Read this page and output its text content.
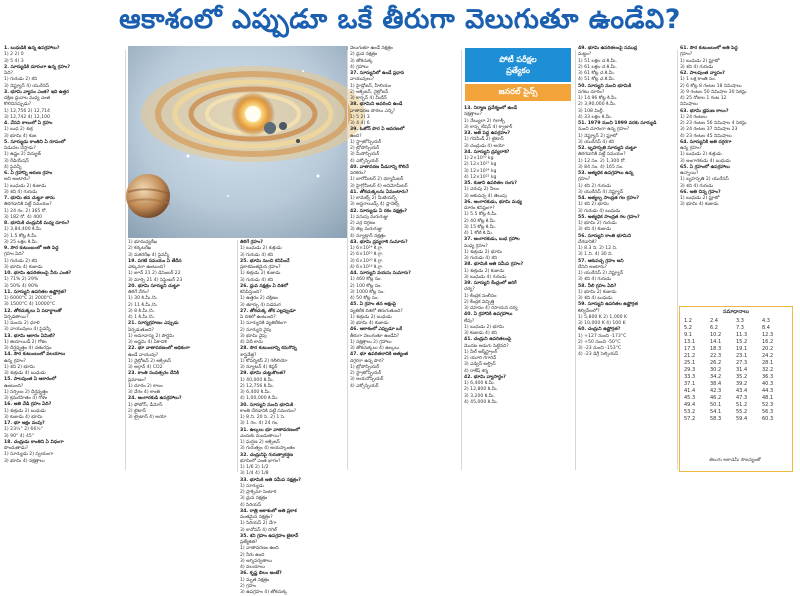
ఆకాశంలో ఎప్పుడూ ఒకే తీరుగా వెలుగుతూ ఉండేవి?
పోటీ పరీక్షల
ప్రత్యేకం
జనరల్ సైన్స్
1. బుధుడికి ఉన్న ఉపగ్రహాలు?
1) 2 2) 0
3) 5 4) 3
2. సూర్యుడికి దూరంగా ఉన్న గ్రహం?
ఏది?
1) గురుడు 2) శని
3) నెప్ట్యూన్ 4) యురేనస్
3. భూమి వ్యాసం ఎంత? ఇది ఉత్తర
దక్షిణ ధ్రువాల మధ్య ఎంత
కొలిచినప్పుడు?
1) 12,756 2) 12,714
3) 12,742 4) 12,100
4. వేసవి కాలంలో ఏ గ్రహం
1) బుధ 2) శుక్ర
3) భూమి 4) కుజ
5. సూర్యుడు కాంతిని ఏ రూపంలో
విడుదల చేస్తాడు?
1) ఉష్ణం 2) విద్యుత్
3) రేడియేషన్
4) పైవన్నీ
6. ఏ గ్రహాన్ని అరుణ గ్రహం
అని అంటారు?
1) బుధుడు 2) కుజుడు
3) శని 4) గురుడు
7. భూమి తన చుట్టూ తాను
తిరగడానికి పట్టే సమయం?
1) 24 గం. 2) 365 రో.
3) 182 రో. 4) 400
8. భూమికి చంద్రునికి మధ్య దూరం?
1) 3,84,400 కి.మీ.
2) 1.5 కోట్ల కి.మీ.
3) 25 లక్షల కి.మీ.
9. సౌర కుటుంబంలో అతి పెద్ద
గ్రహం ఏది?
1) గురుడు 2) శని
3) భూమి 4) కుజుడు
10. భూమి ఉపరితలంపై నీరు ఎంత?
1) 71% 2) 29%
3) 50% 4) 90%
11. సూర్యుని ఉపరితల ఉష్ణోగ్రత?
1) 6000°C 2) 2000°C
3) 1500°C 4) 10000°C
12. తోకచుక్కలు ఏ పదార్థాలతో
ఏర్పడతాయి?
1) మంచు 2) ధూళి
3) వాయువులు 4) పైవన్నీ
13. భూమి ఆకారం ఏమిటి?
1) జియాయిడ్ 2) గోళం
3) దీర్ఘవృత్తం 4) చతురస్రం
14. సౌర కుటుంబంలో వలయాలు
ఉన్న గ్రహం?
1) శని 2) భూమి
3) శుక్రుడు 4) బుధుడు
15. పాలపుంత ఏ ఆకారంలో
ఉంటుంది?
1) సర్పిలం 2) దీర్ఘవృత్తం
3) క్రమరహితం 4) గోళం
16. అతి వేడి గ్రహం ఏది?
1) శుక్రుడు 2) బుధుడు
3) కుజుడు 4) భూమి
17. భూ అక్షం వంపు?
1) 23½° 2) 66½°
3) 90° 4) 45°
18. చంద్రుడు కాంతిని ఏ విధంగా
పొందుతాడు?
1) సూర్యుడు 2) స్వయంగా
3) భూమి 4) నక్షత్రాలు
1) భూమధ్యరేఖ
2) కర్కటరేఖ
3) మకరరేఖ 4) పైవన్నీ
19. పగటి సమయం ఏ తేదీన
ఎక్కువగా ఉంటుంది?
1) జూన్ 21 2) డిసెంబర్ 22
3) మార్చి 21 4) సెప్టెంబర్ 23
20. భూమి సూర్యుని చుట్టూ
తిరిగే వేగం?
1) 30 కి.మీ./సె.
2) 11 కి.మీ./సె.
3) 8 కి.మీ./సె.
4) 1 కి.మీ./సె.
21. సూర్యగ్రహణం ఎప్పుడు
ఏర్పడుతుంది?
1) అమావాస్య 2) పౌర్ణమి
3) అష్టమి 4) ఏకాదశి
22. భూ వాతావరణంలో అధికంగా
ఉండే వాయువు?
1) నైట్రోజన్ 2) ఆక్సిజన్
3) ఆర్గాన్ 4) CO2
23. కాంతి సంవత్సరం దేనికి
ప్రమాణం?
1) దూరం 2) కాలం
3) వేగం 4) కాంతి
24. అంగారకుడి ఉపగ్రహాలు?
1) ఫోబోస్, డీమోస్
2) టైటాన్
3) ట్రైటాన్ 4) అయో
తిరిగే గ్రహం?
1) బుధుడు 2) శుక్రుడు
3) గురుడు 4) శని
25. భూమి నుంచి కనిపించే
ప్రకాశవంతమైన గ్రహం?
1) శుక్రుడు 2) కుజుడు
3) గురుడు 4) శని
26. ధ్రువ నక్షత్రం ఏ దిశలో
కనిపిస్తుంది?
1) ఉత్తరం 2) దక్షిణం
3) తూర్పు 4) పడమర
27. తోకచుక్క తోక ఎల్లప్పుడూ
ఏ దిశలో ఉంటుంది?
1) సూర్యునికి వ్యతిరేకంగా
2) సూర్యుని వైపు
3) భూమి వైపు
4) ఏదీ కాదు
28. సౌర కుటుంబాన్ని కనుగొన్న
శాస్త్రవేత్త?
1) కోపర్నికస్ 2) గెలీలియో
3) న్యూటన్ 4) కెప్లర్
29. భూమి చుట్టుకొలత?
1) 40,000 కి.మీ.
2) 12,756 కి.మీ.
3) 6,400 కి.మీ.
4) 1,00,000 కి.మీ.
30. సూర్యుని నుంచి భూమికి
కాంతి చేరడానికి పట్టే సమయం?
1) 8 ని. 20 సె. 2) 1 సె.
3) 1 గం. 4) 24 గం.
31. ఉల్కలు భూ వాతావరణంలో
ఎందుకు మండుతాయి?
1) ఘర్షణ 2) ఆక్సిజన్
3) గురుత్వం 4) అయస్కాంతం
32. చంద్రునిపై గురుత్వాకర్షణ
భూమిలో ఎంత భాగం?
1) 1/6 2) 1/2
3) 1/4 4) 1/8
33. భూమికి అతి సమీప నక్షత్రం?
1) సూర్యుడు
2) ప్రాక్సిమా సెంటారి
3) ధ్రువ నక్షత్రం
4) సిరియస్
34. రాత్రి ఆకాశంలో అతి ప్రకాశ
వంతమైన నక్షత్రం?
1) సిరియస్ 2) వేగా
3) కానోపస్ 4) రిగెల్
35. శని గ్రహం ఉపగ్రహం టైటాన్
ప్రత్యేకత?
1) వాతావరణం ఉంది
2) నీరు ఉంది
3) అగ్నిపర్వతాలు
4) వలయాలు
36. కృష్ణ బిలం అంటే?
1) మృత నక్షత్రం
2) గ్రహం
3) ఉపగ్రహం 4) తోకచుక్క
వెలుగుతూ ఉండే నక్షత్రం
2) ధ్రువ నక్షత్రం
3) తోకచుక్క
4) గ్రహాలు
37. సూర్యునిలో ఉండే ప్రధాన
వాయువులు?
1) హైడ్రోజన్, హీలియం
2) ఆక్సిజన్, నైట్రోజన్
3) కార్బన్ 4) మీథేన్
38. భూమిని ఆవరించి ఉండే
వాతావరణ పొరలు ఎన్ని?
1) 5 2) 3
3) 4 4) 6
39. ఓజోన్ పొర ఏ ఆవరణలో
ఉంది?
1) స్ట్రాటోస్ఫియర్
2) ట్రోపోస్ఫియర్
3) మీసోస్ఫియర్
4) ఎక్సోస్ఫియర్
40. వాతావరణ పీడనాన్ని కొలిచే
పరికరం?
1) బారోమీటర్ 2) థర్మామీటర్
3) హైగ్రోమీటర్ 4) అనిమోమీటర్
41. తోకచుక్కలను ఏమంటారు?
1) కామెట్స్ 2) మీటియర్స్
3) ఆస్టరాయిడ్స్ 4) ప్లానెట్స్
42. సూర్యుడు ఏ రకం నక్షత్రం?
1) పసుపు మరుగుజ్జు
2) ఎర్ర దిగ్గజం
3) తెల్ల మరుగుజ్జు
4) న్యూట్రాన్ నక్షత్రం
43. భూమి ద్రవ్యరాశి సుమారు?
1) 6×10²⁴ కి.గ్రా.
2) 6×10²⁰ కి.గ్రా.
3) 6×10³⁰ కి.గ్రా.
4) 6×10¹⁸ కి.గ్రా.
44. సూర్యుని వయసు సుమారు?
1) 460 కోట్ల సం.
2) 100 కోట్ల సం.
3) 1000 కోట్ల సం.
4) 50 కోట్ల సం.
45. ఏ గ్రహం తన అక్షంపై
వ్యతిరేక దిశలో తిరుగుతుంది?
1) శుక్రుడు 2) బుధుడు
3) భూమి 4) కుజుడు
46. ఆకాశంలో ఎప్పుడూ ఒకే
తీరుగా వెలుగుతూ ఉండేవి?
1) నక్షత్రాలు 2) గ్రహాలు
3) తోకచుక్కలు 4) ఉల్కలు
47. భూ ఉపరితలానికి అత్యంత
దగ్గరగా ఉన్న పొర?
1) ట్రోపోస్ఫియర్
2) స్ట్రాటోస్ఫియర్
3) అయనోస్ఫియర్
4) ఎక్సోస్ఫియర్
13. నిర్మాణ ప్రవేశ్యంలో ఉండే
నక్షత్రాలు?
1) నేబ్యులా 2) గెలాక్సీ
3) కాన్స్టలేషన్ 4) క్వాజార్
33. అతి పెద్ద ఉపగ్రహం?
1) గనిమీడ్ 2) టైటాన్
3) చంద్రుడు 4) అయో
34. సూర్యుని ద్రవ్యరాశి?
1) 2×10³⁰ kg
2) 12×10²⁷ kg
3) 12×10²⁴ kg
4) 12×10²² kg
35. కుజుని ఉపరితల రంగు?
1) ఎరుపు 2) నీలం
3) ఆకుపచ్చ 4) తెలుపు
36. అంగారకుడు, భూమి మధ్య
దూరం కనిష్ఠంగా?
1) 5.5 కోట్ల కి.మీ.
2) 40 కోట్ల కి.మీ.
3) 15 కోట్ల కి.మీ.
4) 1 కోటి కి.మీ.
37. అంగారకుడు, బుధ గ్రహాల
మధ్య గ్రహం?
1) శుక్రుడు 2) భూమి
3) గురుడు 4) శని
38. భూమికి అతి సమీప గ్రహం?
1) శుక్రుడు 2) కుజుడు
3) బుధుడు 4) గురుడు
39. సూర్యుని కేంద్రంలో జరిగే
చర్య?
1) కేంద్రక సంలీనం
2) కేంద్రక విచ్ఛిత్తి
3) దహనం 4) రసాయన చర్య
40. ఏ గ్రహానికి ఉపగ్రహాలు
లేవు?
1) బుధుడు 2) భూమి
3) కుజుడు 4) శని
41. చంద్రుని ఉపరితలంపై
మొదట అడుగు పెట్టినది?
1) నీల్ ఆర్మ్‌స్ట్రాంగ్
2) యూరి గగారిన్
3) ఎడ్విన్ ఆల్డ్రిన్
4) రాకేష్ శర్మ
42. భూమి వ్యాసార్థం?
1) 6,400 కి.మీ.
2) 12,800 కి.మీ.
3) 3,200 కి.మీ.
4) 45,000 కి.మీ.
49. భూమి ఉపరితలంపై సముద్ర
మట్టం?
1) 51 లక్షల చ.కి.మీ.
2) 61 లక్షల చ.కి.మీ.
3) 61 కోట్ల చ.కి.మీ.
4) 51 కోట్ల చ.కి.మీ.
50. సూర్యుని నుంచి భూమికి
సగటు దూరం?
1) 14.96 కోట్ల కి.మీ.
2) 3,90,000 కి.మీ.
3) 108 మిల్లీ.
4) 33 లక్షల కి.మీ.
51. 1979 నుంచి 1999 వరకు సూర్యుడి
నుంచి దూరంగా ఉన్న గ్రహం?
1) నెప్ట్యూన్ 2) ప్లూటో
3) యురేనస్ 4) శని
52. బృహస్పతి సూర్యుని చుట్టూ
తిరగడానికి పట్టే సమయం?
1) 12 సం. 2) 1,300 రో.
3) 84 సం. 4) 165 సం.
53. అత్యధిక ఉపగ్రహాలు ఉన్న
గ్రహం?
1) శని 2) గురుడు
3) యురేనస్ 4) నెప్ట్యూన్
54. అత్యల్ప సాంద్రత గల గ్రహం?
1) శని 2) భూమి
3) గురుడు 4) బుధుడు
55. అత్యధిక సాంద్రత గల గ్రహం?
1) భూమి 2) గురుడు
3) శని 4) కుజుడు
56. సూర్యుని కాంతి భూమిని
చేరడానికి?
1) 8.3 ని. 2) 12 ని.
3) 1 ని. 4) 30 ని.
57. ఆకుపచ్చ గ్రహం అని
దేనిని అంటారు?
1) యురేనస్ 2) నెప్ట్యూన్
3) శని 4) గురుడు
58. నీలి గ్రహం ఏది?
1) భూమి 2) కుజుడు
3) శని 4) బుధుడు
59. సూర్యుని ఉపరితల ఉష్ణోగ్రత
కెల్విన్‌లలో?
1) 5,800 K 2) 1,000 K
3) 10,000 K 4) 100 K
60. చంద్రుని ఉష్ణోగ్రత?
1) +127 నుంచి -173°C
2) +50 నుంచి -50°C
3) -23 నుంచి -153°C
4) -23 డిగ్రీ సెల్సియస్
61. సౌర కుటుంబంలో అతి పెద్ద
గ్రహం?
1) బుధుడు 2) ప్లూటో
3) శని 4) గురుడు
62. పాలపుంత వ్యాసం?
1) 1 లక్ష కాంతి సం.
2) 6 కోట్ల 8 గంటల 18 నిమిషాలు
3) 9 గంటల 50 నిమిషాల 30 సెకన్లు
4) 25 రోజుల 1 గంట 12
నిమిషాలు
63. భూమి భ్రమణ కాలం?
1) 24 గంటలు
2) 23 గంటల 56 నిమిషాల 4 సెకన్లు
3) 24 గంటల 37 నిమిషాల 23
4) 23 గంటల 45 నిమిషాలు
64. సూర్యునికి అతి దగ్గరగా
ఉన్న గ్రహం?
1) బుధుడు 2) శుక్రుడు
3) అంగారకుడు 4) బుధుడు
65. ఏ గ్రహంలో ఉపగ్రహాలు
ఉన్నాయి?
1) బృహస్పతి 2) యురేనస్
3) శని 4) గురుడు
66. అతి చిన్న గ్రహం?
1) బుధుడు 2) ప్లూటో
3) భూమి 4) కుజుడు
సమాధానాలు
1.2	2.4	3.3	4.3
5.2	6.2	7.3	8.4
9.1	10.2	11.3	12.3
13.1	14.1	15.2	16.2
17.3	18.3	19.1	20.2
21.2	22.3	23.1	24.2
25.1	26.2	27.3	28.1
29.3	30.2	31.4	32.2
33.3	34.2	35.2	36.3
37.1	38.4	39.2	40.3
41.4	42.3	43.4	44.3
45.3	46.2	47.3	48.1
49.4	50.1	51.2	52.3
53.2	54.1	55.2	56.3
57.2	58.3	59.4	60.3
తెలుగు అకాడమీ సౌజన్యంతో
